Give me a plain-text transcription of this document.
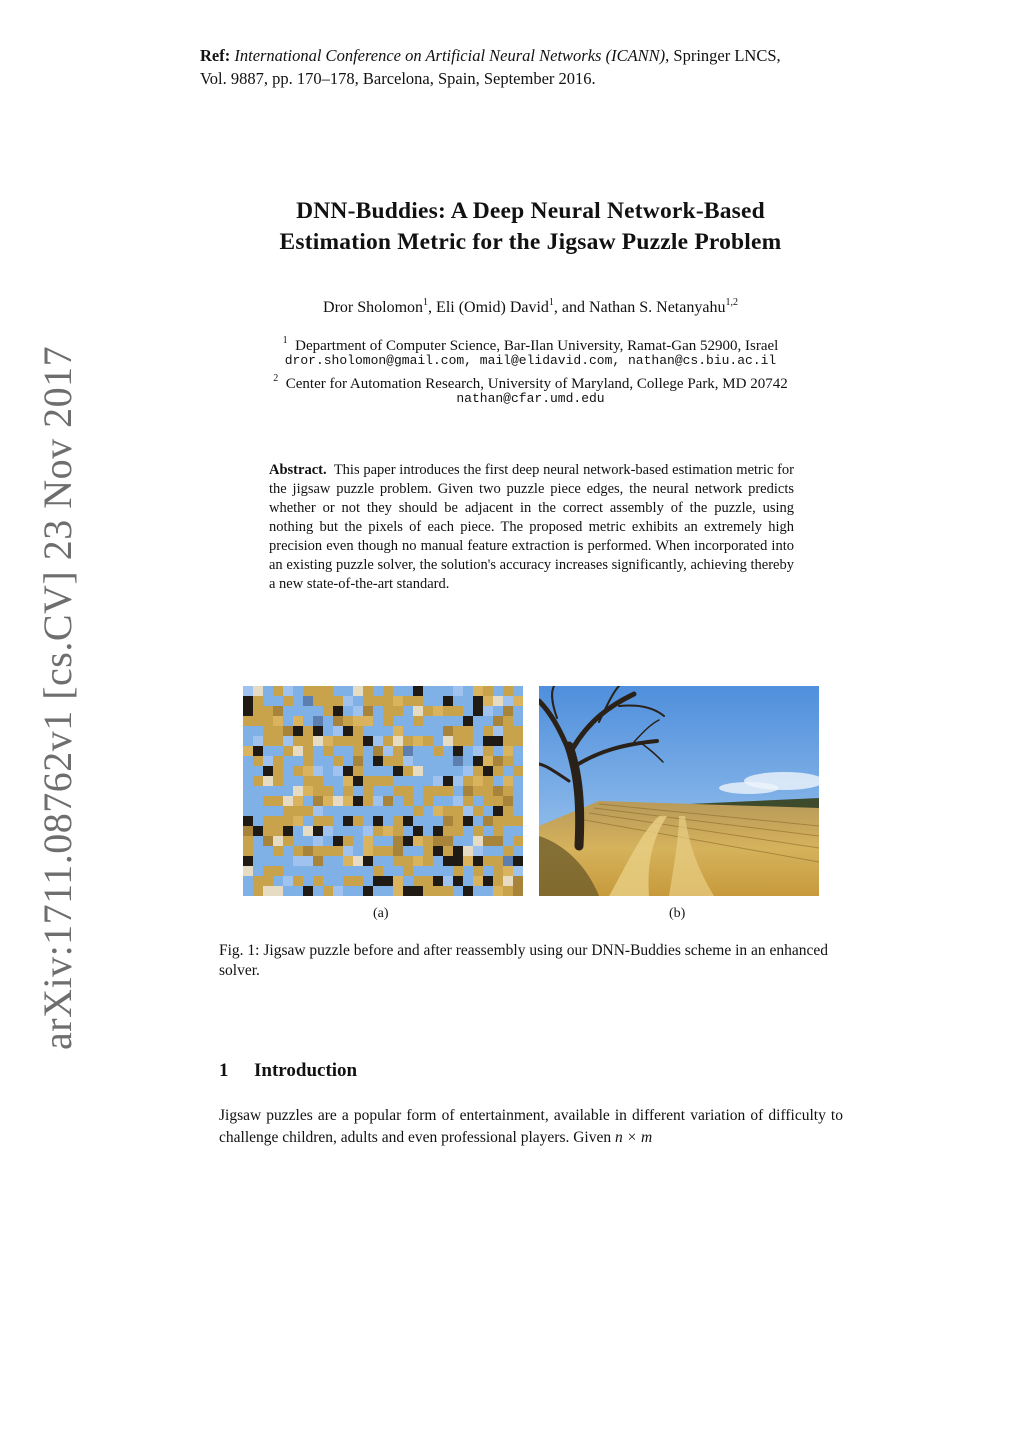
Ref: International Conference on Artificial Neural Networks (ICANN), Springer LNCS,
Vol. 9887, pp. 170–178, Barcelona, Spain, September 2016.
DNN-Buddies: A Deep Neural Network-Based
Estimation Metric for the Jigsaw Puzzle Problem
Dror Sholomon$^1$, Eli (Omid) David$^1$, and Nathan S. Netanyahu$^{1,2}$
$^1$ Department of Computer Science, Bar-Ilan University, Ramat-Gan 52900, Israel
dror.sholomon@gmail.com, mail@elidavid.com, nathan@cs.biu.ac.il
$^2$ Center for Automation Research, University of Maryland, College Park, MD 20742
nathan@cfar.umd.edu
Abstract. This paper introduces the first deep neural network-based estimation metric for the jigsaw puzzle problem. Given two puzzle piece edges, the neural network predicts whether or not they should be adjacent in the correct assembly of the puzzle, using nothing but the pixels of each piece. The proposed metric exhibits an extremely high precision even though no manual feature extraction is performed. When incorporated into an existing puzzle solver, the solution's accuracy increases significantly, achieving thereby a new state-of-the-art standard.
arXiv:1711.08762v1 [cs.CV] 23 Nov 2017	(a)	(b)
Fig. 1: Jigsaw puzzle before and after reassembly using our DNN-Buddies scheme in an enhanced solver.
1 Introduction
Jigsaw puzzles are a popular form of entertainment, available in different variation of difficulty to challenge children, adults and even professional players. Given n × m
